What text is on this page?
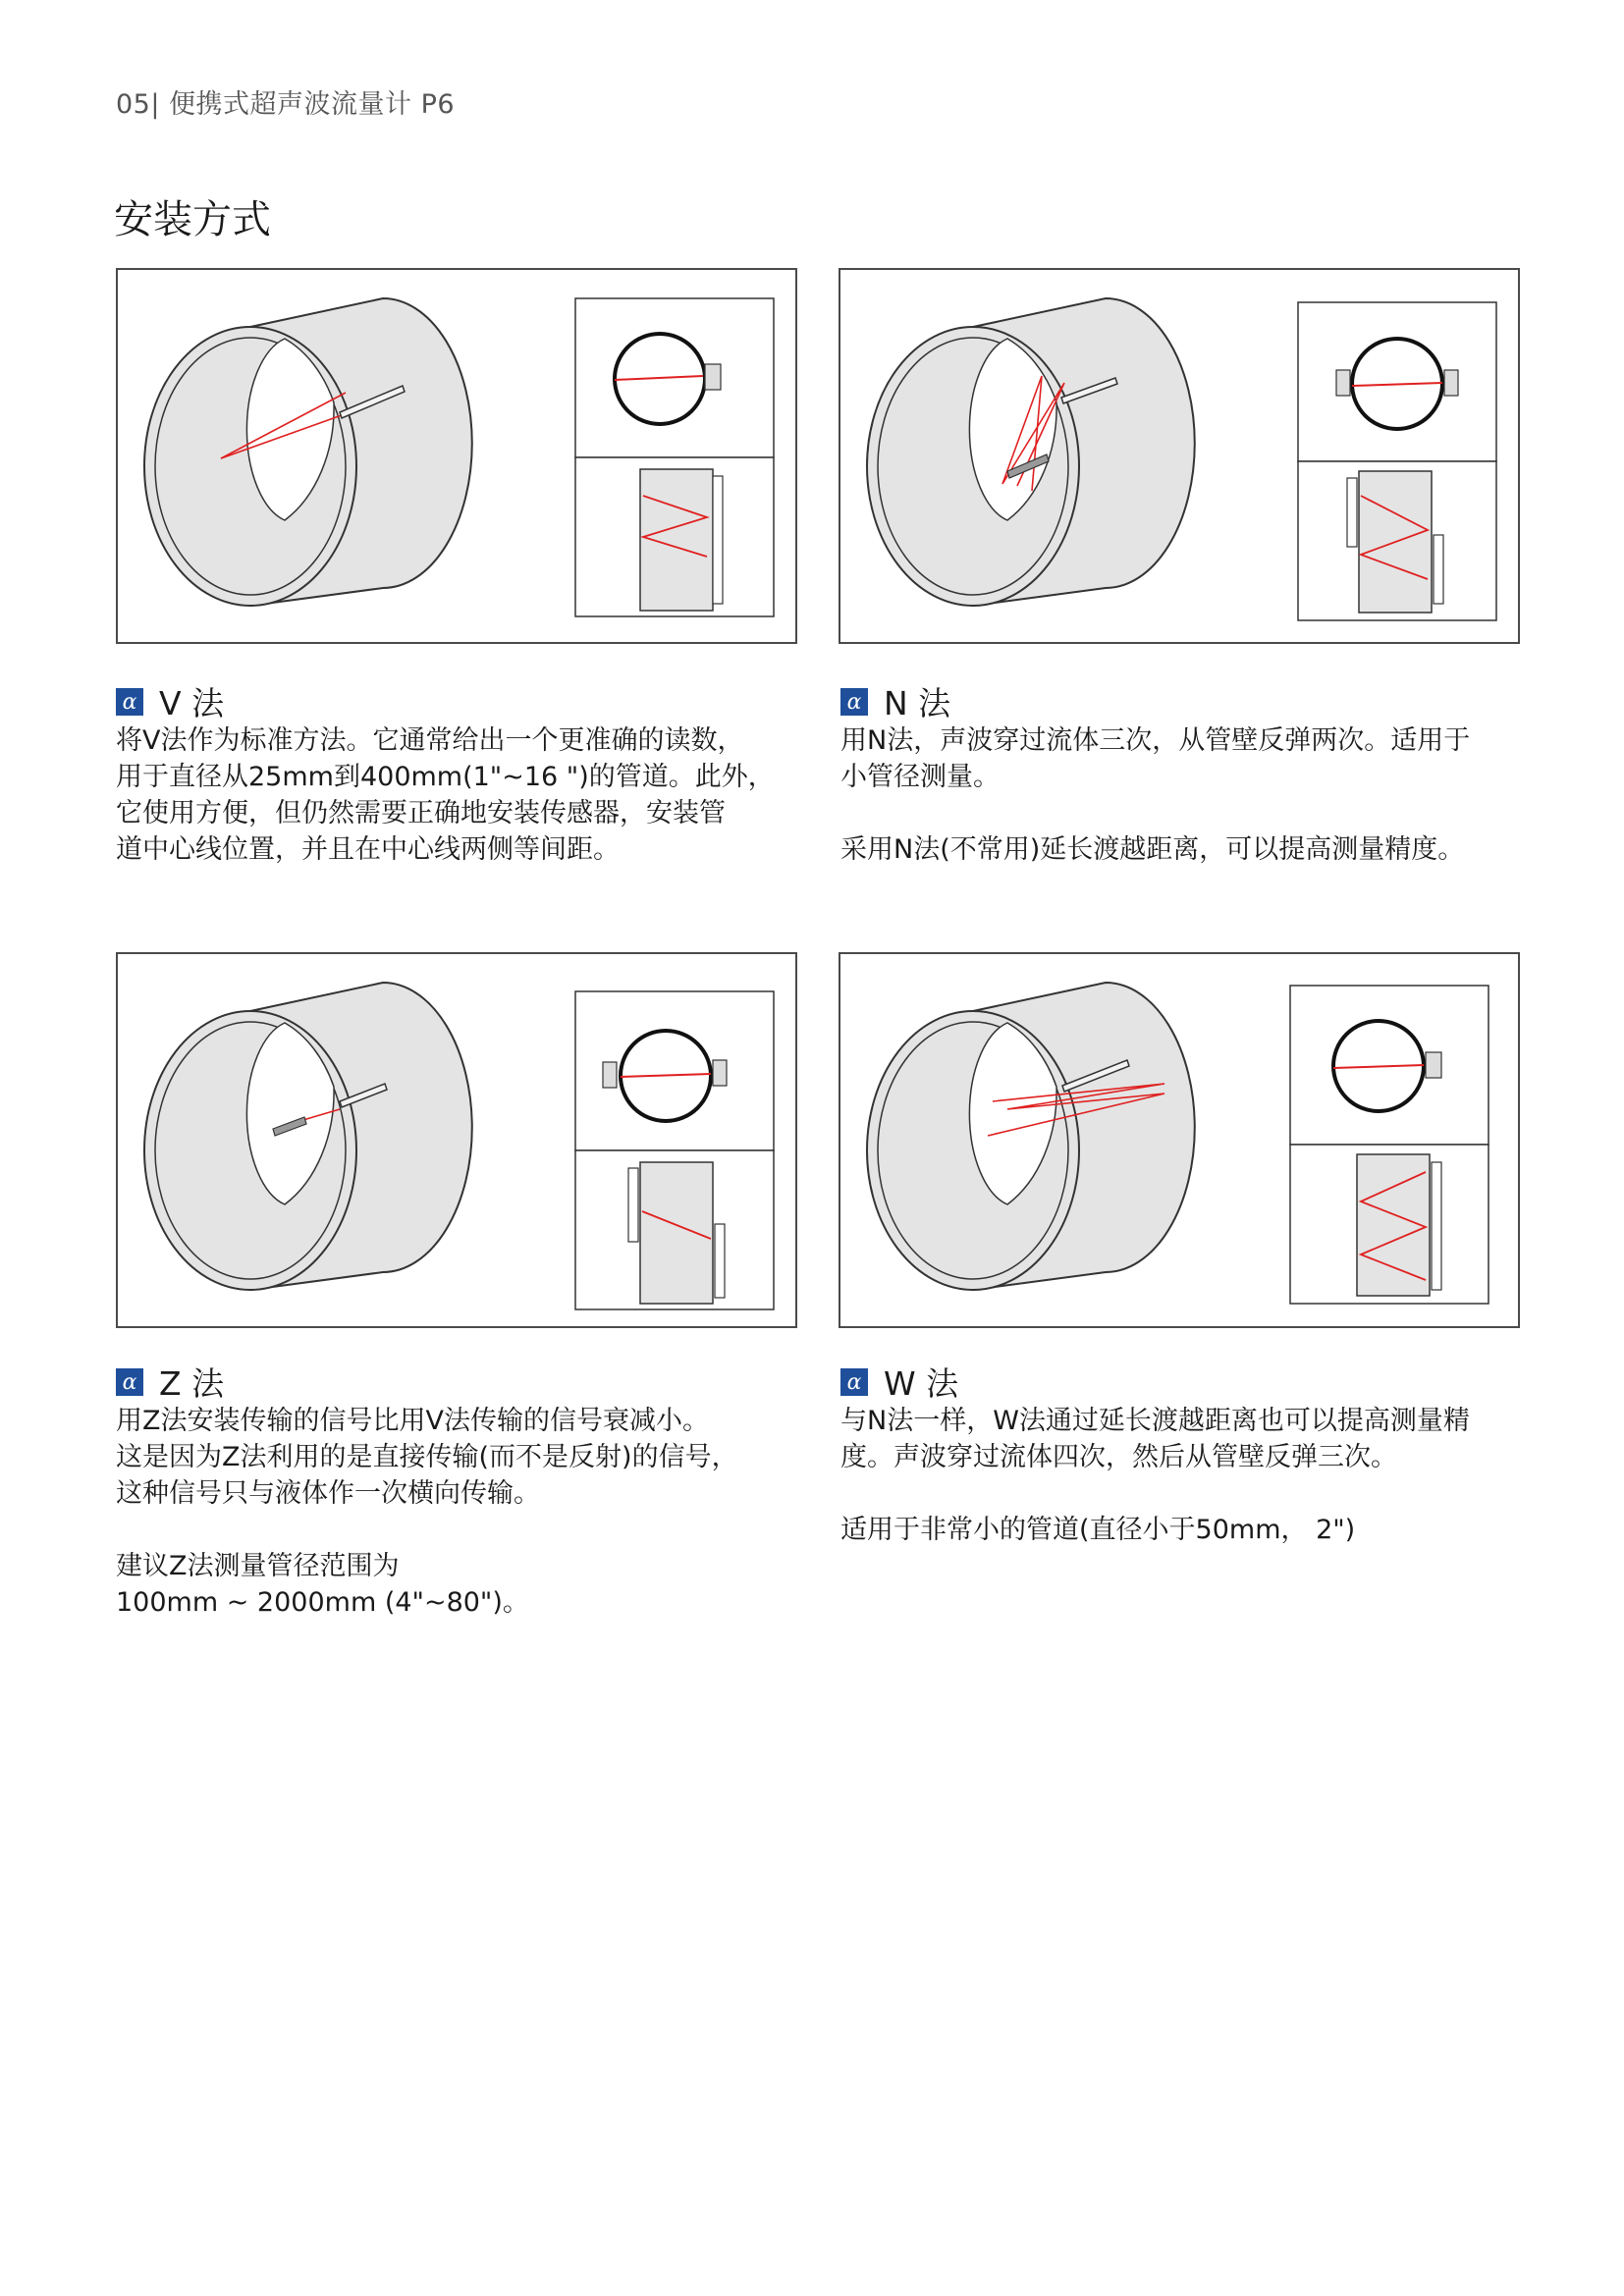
05| 便携式超声波流量计 P6
安装方式
α V 法

将V法作为标准方法。它通常给出一个更准确的读数，

用于直径从25mm到400mm(1"~16 ")的管道。此外，

它使用方便，但仍然需要正确地安装传感器，安装管

道中心线位置，并且在中心线两侧等间距。

α N 法

用N法，声波穿过流体三次，从管壁反弹两次。适用于

小管径测量。

采用N法(不常用)延长渡越距离，可以提高测量精度。

α Z 法

用Z法安装传输的信号比用V法传输的信号衰减小。

这是因为Z法利用的是直接传输(而不是反射)的信号，

这种信号只与液体作一次横向传输。

建议Z法测量管径范围为

100mm ~ 2000mm (4"~80")。

α W 法

与N法一样，W法通过延长渡越距离也可以提高测量精

度。声波穿过流体四次，然后从管壁反弹三次。

适用于非常小的管道(直径小于50mm， 2")
